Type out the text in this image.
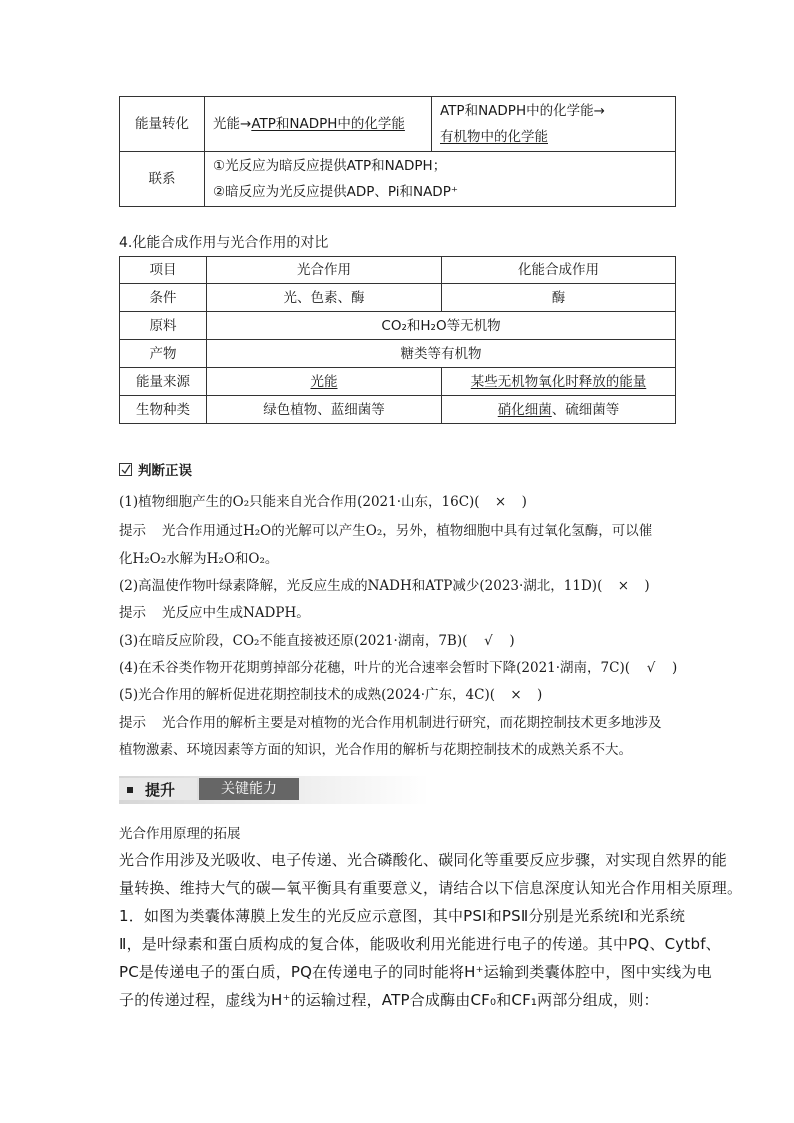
能量转化	光能→ATP和NADPH中的化学能	ATP和NADPH中的化学能→
有机物中的化学能

联系	①光反应为暗反应提供ATP和NADPH；
②暗反应为光反应提供ADP、Pi和NADP⁺	
4.化能合成作用与光合作用的对比
项目	光合作用	化能合成作用
条件	光、色素、酶	酶
原料	CO₂和H₂O等无机物	
产物	糖类等有机物	
能量来源	光能	某些无机物氧化时释放的能量
生物种类	绿色植物、蓝细菌等	硝化细菌、硫细菌等
判断正误
(1)植物细胞产生的O₂只能来自光合作用(2021·山东，16C)( × )
提示 光合作用通过H₂O的光解可以产生O₂，另外，植物细胞中具有过氧化氢酶，可以催
化H₂O₂水解为H₂O和O₂。
(2)高温使作物叶绿素降解，光反应生成的NADH和ATP减少(2023·湖北，11D)( × )
提示 光反应中生成NADPH。
(3)在暗反应阶段，CO₂不能直接被还原(2021·湖南，7B)( √ )
(4)在禾谷类作物开花期剪掉部分花穗，叶片的光合速率会暂时下降(2021·湖南，7C)( √ )
(5)光合作用的解析促进花期控制技术的成熟(2024·广东，4C)( × )
提示 光合作用的解析主要是对植物的光合作用机制进行研究，而花期控制技术更多地涉及
植物激素、环境因素等方面的知识，光合作用的解析与花期控制技术的成熟关系不大。
提升	关键能力
光合作用原理的拓展
光合作用涉及光吸收、电子传递、光合磷酸化、碳同化等重要反应步骤，对实现自然界的能
量转换、维持大气的碳—氧平衡具有重要意义，请结合以下信息深度认知光合作用相关原理。
1．如图为类囊体薄膜上发生的光反应示意图，其中PSⅠ和PSⅡ分别是光系统Ⅰ和光系统
Ⅱ，是叶绿素和蛋白质构成的复合体，能吸收利用光能进行电子的传递。其中PQ、Cytbf、
PC是传递电子的蛋白质，PQ在传递电子的同时能将H⁺运输到类囊体腔中，图中实线为电
子的传递过程，虚线为H⁺的运输过程，ATP合成酶由CF₀和CF₁两部分组成，则：
